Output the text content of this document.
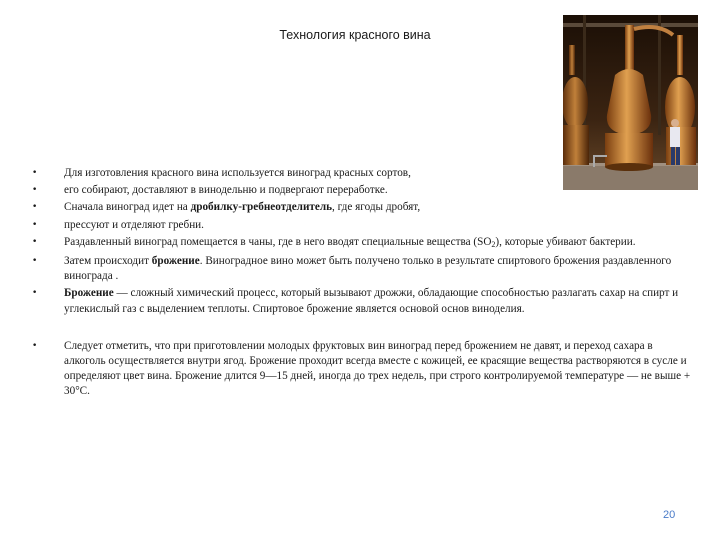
Технология красного вина
•	Для изготовления красного вина используется виноград красных сортов,
•	его собирают, доставляют в винодельню и подвергают переработке.
•	Сначала виноград идет на дробилку-гребнеотделитель, где ягоды дробят,
•	прессуют и отделяют гребни.
•	Раздавленный виноград помещается в чаны, где в него вводят специальные вещества $(SO_2)$, которые убивают бактерии.
•	Затем происходит брожение. Виноградное вино может быть получено только в результате спиртового брожения раздавленного винограда .
•	Брожение — сложный химический процесс, который вызывают дрожжи, обладающие способностью разлагать сахар на спирт и углекислый газ с выделением теплоты. Спиртовое брожение является основой основ виноделия.
•	Следует отметить, что при приготовлении молодых фруктовых вин виноград перед брожением не давят, и переход сахара в алкоголь осуществляется внутри ягод. Брожение проходит всегда вместе с кожицей, ее красящие вещества растворяются в сусле и определяют цвет вина. Брожение длится 9—15 дней, иногда до трех недель, при строго контролируемой температуре — не выше + 30°С.
20
